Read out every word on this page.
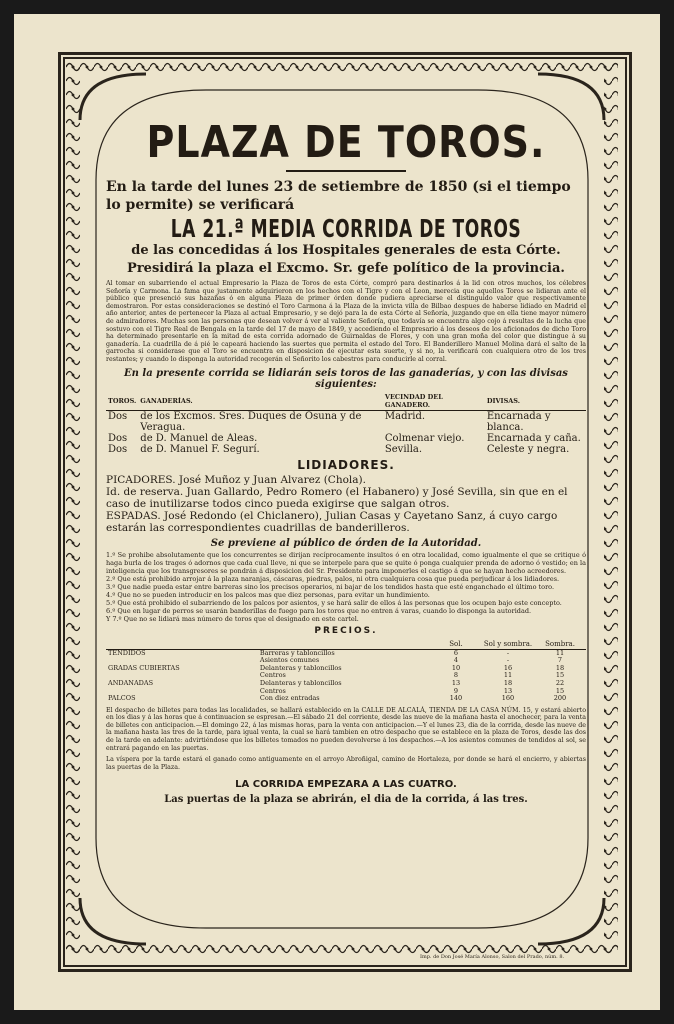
PLAZA DE TOROS.

En la tarde del lunes 23 de setiembre de 1850 (si el tiempo lo permite) se verificará

LA 21.ª MEDIA CORRIDA DE TOROS
de las concedidas á los Hospitales generales de esta Córte.
Presidirá la plaza el Excmo. Sr. gefe político de la provincia.

Al tomar en subarriendo el actual Empresario la Plaza de Toros de esta Córte, compró para destinarlos á la lid con otros muchos, los célebres Señoría y Carmona. La fama que justamente adquirieron en los hechos con el Tigre y con el Leon, merecia que aquellos Toros se lidiaran ante el público que presenció sus hazañas ó en alguna Plaza de primer órden donde pudiera apreciarse el distinguido valor que respectivamente demostraron. Por estas consideraciones se destinó el Toro Carmona á la Plaza de la invicta villa de Bilbao despues de haberse lidiado en Madrid el año anterior, antes de pertenecer la Plaza al actual Empresario, y se dejó para la de esta Córte al Señoría, juzgando que en ella tiene mayor número de admiradores. Muchas son las personas que desean volver á ver al valiente Señoría, que todavía se encuentra algo cojo á resultas de la lucha que sostuvo con el Tigre Real de Bengala en la tarde del 17 de mayo de 1849, y accediendo el Empresario á los deseos de los aficionados de dicho Toro ha determinado presentarle en la mitad de esta corrida adornado de Guirnaldas de Flores, y con una gran moña del color que distingue á su ganadería. La cuadrilla de á pié le capeará haciendo las suertes que permita el estado del Toro. El Banderillero Manuel Molina dará el salto de la garrocha si considerase que el Toro se encuentra en disposicion de ejecutar esta suerte, y si no, la verificará con cualquiera otro de los tres restantes; y cuando lo disponga la autoridad recogerán el Señorito los cabestros para conducirle al corral.

En la presente corrida se lidiarán seis toros de las ganaderías, y con las divisas siguientes:
TOROS.	GANADERÍAS.	VECINDAD DEL GANADERO.	DIVISAS.
Dos	de los Excmos. Sres. Duques de Osuna y de Veragua.	Madrid.	Encarnada y blanca.
Dos	de D. Manuel de Aleas.	Colmenar viejo.	Encarnada y caña.
Dos	de D. Manuel F. Segurí.	Sevilla.	Celeste y negra.
LIDIADORES.

PICADORES. José Muñoz y Juan Alvarez (Chola).

Id. de reserva. Juan Gallardo, Pedro Romero (el Habanero) y José Sevilla, sin que en el caso de inutilizarse todos cinco pueda exigirse que salgan otros.

ESPADAS. José Redondo (el Chiclanero), Julian Casas y Cayetano Sanz, á cuyo cargo estarán las correspondientes cuadrillas de banderilleros.

Se previene al público de órden de la Autoridad.

1.º Se prohibe absolutamente que los concurrentes se dirijan recíprocamente insultos ó en otra localidad, como igualmente el que se critique ó haga burla de los trages ó adornos que cada cual lleve, ni que se interpele para que se quite ó ponga cualquier prenda de adorno ó vestido; en la inteligencia que los transgresores se pondrán á disposicion del Sr. Presidente para imponerles el castigo á que se hayan hecho acreedores.

2.º Que está prohibido arrojar á la plaza naranjas, cáscaras, piedras, palos, ni otra cualquiera cosa que pueda perjudicar á los lidiadores.

3.º Que nadie pueda estar entre barreras sino los precisos operarios, ni bajar de los tendidos hasta que esté enganchado el último toro.

4.º Que no se pueden introducir en los palcos mas que diez personas, para evitar un hundimiento.

5.º Que está prohibido el subarriendo de los palcos por asientos, y se hará salir de ellos á las personas que los ocupen bajo este concepto.

6.º Que en lugar de perros se usarán banderillas de fuego para los toros que no entren á varas, cuando lo disponga la autoridad.

Y 7.º Que no se lidiará mas número de toros que el designado en este cartel.

PRECIOS.
		Sol.	Sol y sombra.	Sombra.
TENDIDOS	Barreras y tabloncillos	6	-	11
	Asientos comunes	4	-	7
GRADAS CUBIERTAS	Delanteras y tabloncillos	10	16	18
	Centros	8	11	15
ANDANADAS	Delanteras y tabloncillos	13	18	22
	Centros	9	13	15
PALCOS	Con diez entradas	140	160	200

El despacho de billetes para todas las localidades, se hallará establecido en la CALLE DE ALCALÁ, TIENDA DE LA CASA NÚM. 15, y estará abierto en los dias y á las horas que á continuacion se espresan.—El sábado 21 del corriente, desde las nueve de la mañana hasta el anochecer, para la venta de billetes con anticipacion.—El domingo 22, á las mismas horas, para la venta con anticipacion.—Y el lunes 23, dia de la corrida, desde las nueve de la mañana hasta las tres de la tarde, para igual venta, la cual se hará tambien en otro despacho que se establece en la plaza de Toros, desde las dos de la tarde en adelante: advirtiéndose que los billetes tomados no pueden devolverse á los despachos.—A los asientos comunes de tendidos al sol, se entrará pagando en las puertas.

La víspera por la tarde estará el ganado como antiguamente en el arroyo Abroñigal, camino de Hortaleza, por donde se hará el encierro, y abiertas las puertas de la Plaza.

LA CORRIDA EMPEZARA A LAS CUATRO.
Las puertas de la plaza se abrirán, el dia de la corrida, á las tres.
Imp. de Don José María Alonso, Salon del Prado, núm. 8.
